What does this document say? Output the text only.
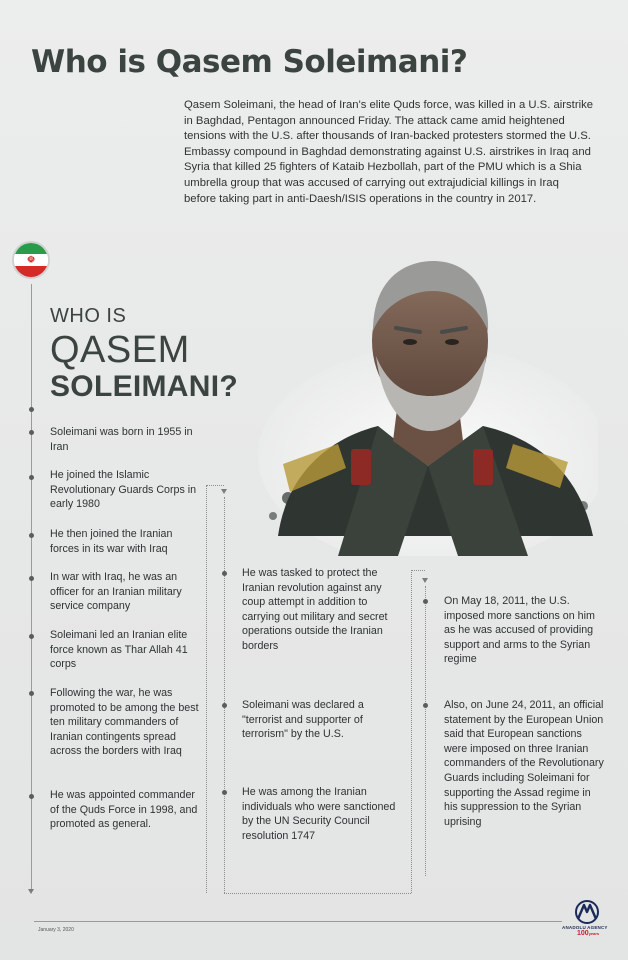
Who is Qasem Soleimani?

Qasem Soleimani, the head of Iran's elite Quds force, was killed in a U.S. airstrike in Baghdad, Pentagon announced Friday. The attack came amid heightened tensions with the U.S. after thousands of Iran-backed protesters stormed the U.S. Embassy compound in Baghdad demonstrating against U.S. airstrikes in Iraq and Syria that killed 25 fighters of Kataib Hezbollah, part of the PMU which is a Shia umbrella group that was accused of carrying out extrajudicial killings in Iraq before taking part in anti-Daesh/ISIS operations in the country in 2017.

☫
WHO IS
QASEM
SOLEIMANI?

Soleimani was born in 1955 in Iran

He joined the Islamic Revolutionary Guards Corps in early 1980

He then joined the Iranian forces in its war with Iraq

In war with Iraq, he was an officer for an Iranian military service company

Soleimani led an Iranian elite force known as Thar Allah 41 corps

Following the war, he was promoted to be among the best ten military commanders of Iranian contingents spread across the borders with Iraq

He was appointed commander of the Quds Force in 1998, and promoted as general.

He was tasked to protect the Iranian revolution against any coup attempt in addition to carrying out military and secret operations outside the Iranian borders

Soleimani was declared a "terrorist and supporter of terrorism" by the U.S.

He was among the Iranian individuals who were sanctioned by the UN Security Council resolution 1747

On May 18, 2011, the U.S. imposed more sanctions on him as he was accused of providing support and arms to the Syrian regime

Also, on June 24, 2011, an official statement by the European Union said that European sanctions were imposed on three Iranian commanders of the Revolutionary Guards including Soleimani for supporting the Assad regime in his suppression to the Syrian uprising

January 3, 2020	ANADOLU AGENCY
100years
